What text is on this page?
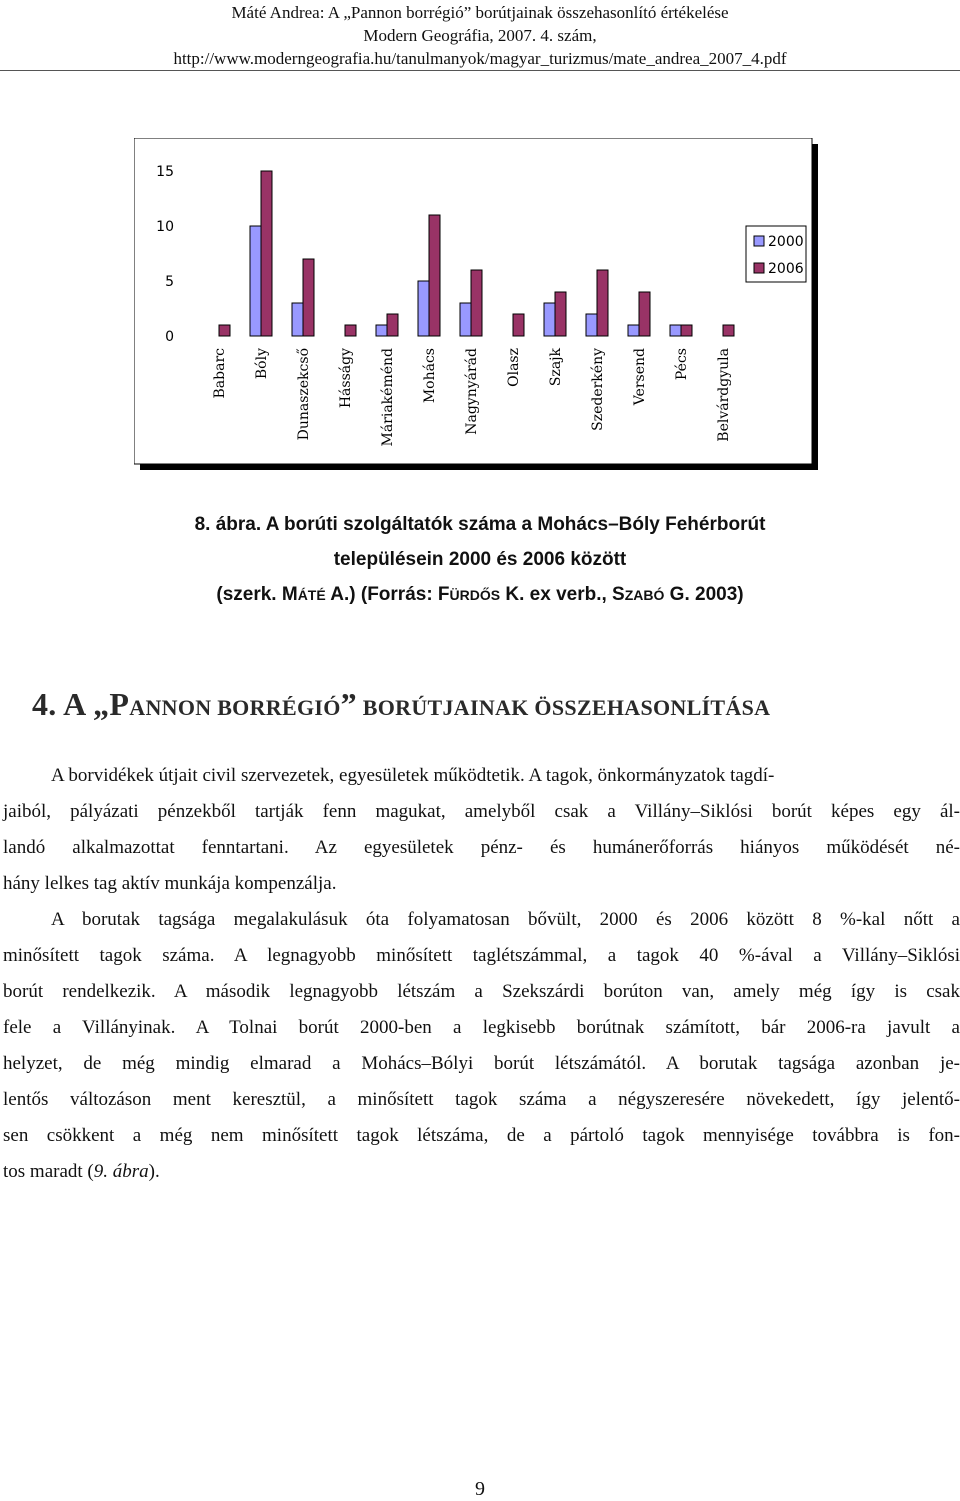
Máté Andrea: A „Pannon borrégió” borútjainak összehasonlító értékelése
Modern Geográfia, 2007. 4. szám,
http://www.moderngeografia.hu/tanulmanyok/magyar_turizmus/mate_andrea_2007_4.pdf
0
5
10
15
Babarc Bóly Dunaszekcső Hásságy Máriakéménd Mohács Nagynyárád Olasz Szajk Szederkény Versend Pécs Belvárdgyula
2000
2006
8. ábra. A borúti szolgáltatók száma a Mohács–Bóly Fehérborút
településein 2000 és 2006 között
(szerk. MÁTÉ A.) (Forrás: FÜRDŐS K. ex verb., SZABÓ G. 2003)
4. A „PANNON BORRÉGIÓ” BORÚTJAINAK ÖSSZEHASONLÍTÁSA
A borvidékek útjait civil szervezetek, egyesületek működtetik. A tagok, önkormányzatok tagdí-
jaiból, pályázati pénzekből tartják fenn magukat, amelyből csak a Villány–Siklósi borút képes egy ál-
landó alkalmazottat fenntartani. Az egyesületek pénz- és humánerőforrás hiányos működését né-
hány lelkes tag aktív munkája kompenzálja.
A borutak tagsága megalakulásuk óta folyamatosan bővült, 2000 és 2006 között 8 %-kal nőtt a
minősített tagok száma. A legnagyobb minősített taglétszámmal, a tagok 40 %-ával a Villány–Siklósi
borút rendelkezik. A második legnagyobb létszám a Szekszárdi borúton van, amely még így is csak
fele a Villányinak. A Tolnai borút 2000-ben a legkisebb borútnak számított, bár 2006-ra javult a
helyzet, de még mindig elmarad a Mohács–Bólyi borút létszámától. A borutak tagsága azonban je-
lentős változáson ment keresztül, a minősített tagok száma a négyszeresére növekedett, így jelentő-
sen csökkent a még nem minősített tagok létszáma, de a pártoló tagok mennyisége továbbra is fon-
tos maradt (9. ábra).
9
